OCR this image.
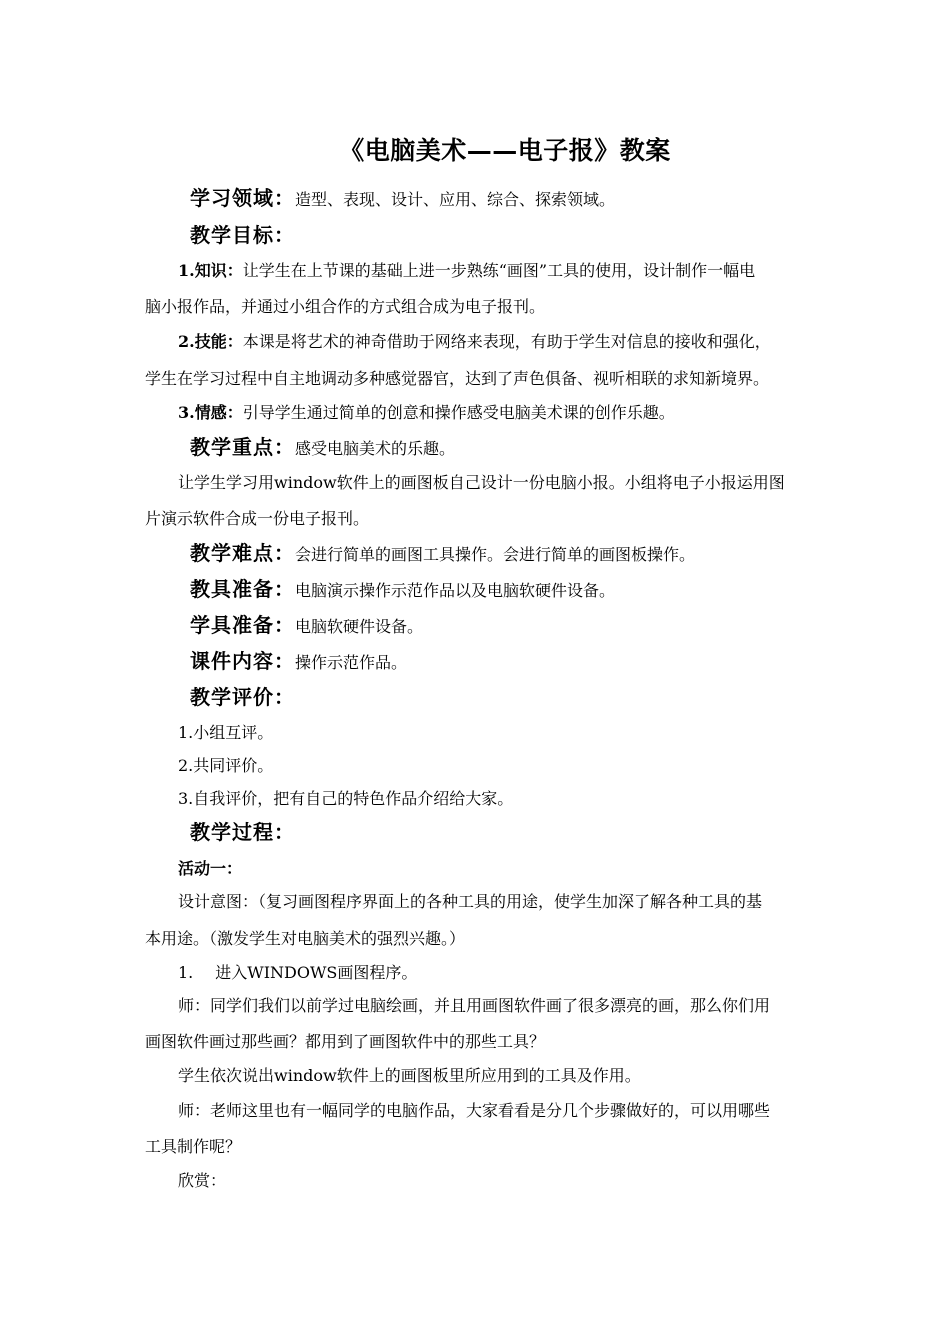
《电脑美术——电子报》教案
学习领域：造型、表现、设计、应用、综合、探索领域。
教学目标：
1.知识：让学生在上节课的基础上进一步熟练“画图”工具的使用，设计制作一幅电
脑小报作品，并通过小组合作的方式组合成为电子报刊。
2.技能：本课是将艺术的神奇借助于网络来表现，有助于学生对信息的接收和强化，
学生在学习过程中自主地调动多种感觉器官，达到了声色俱备、视听相联的求知新境界。
3.情感：引导学生通过简单的创意和操作感受电脑美术课的创作乐趣。
教学重点：感受电脑美术的乐趣。
让学生学习用window软件上的画图板自己设计一份电脑小报。小组将电子小报运用图
片演示软件合成一份电子报刊。
教学难点：会进行简单的画图工具操作。会进行简单的画图板操作。
教具准备：电脑演示操作示范作品以及电脑软硬件设备。
学具准备：电脑软硬件设备。
课件内容：操作示范作品。
教学评价：
1.小组互评。
2.共同评价。
3.自我评价，把有自己的特色作品介绍给大家。
教学过程：
活动一：
设计意图：（复习画图程序界面上的各种工具的用途，使学生加深了解各种工具的基
本用途。（激发学生对电脑美术的强烈兴趣。）
1. 进入WINDOWS画图程序。
师：同学们我们以前学过电脑绘画，并且用画图软件画了很多漂亮的画，那么你们用
画图软件画过那些画？都用到了画图软件中的那些工具？
学生依次说出window软件上的画图板里所应用到的工具及作用。
师：老师这里也有一幅同学的电脑作品，大家看看是分几个步骤做好的，可以用哪些
工具制作呢？
欣赏：
